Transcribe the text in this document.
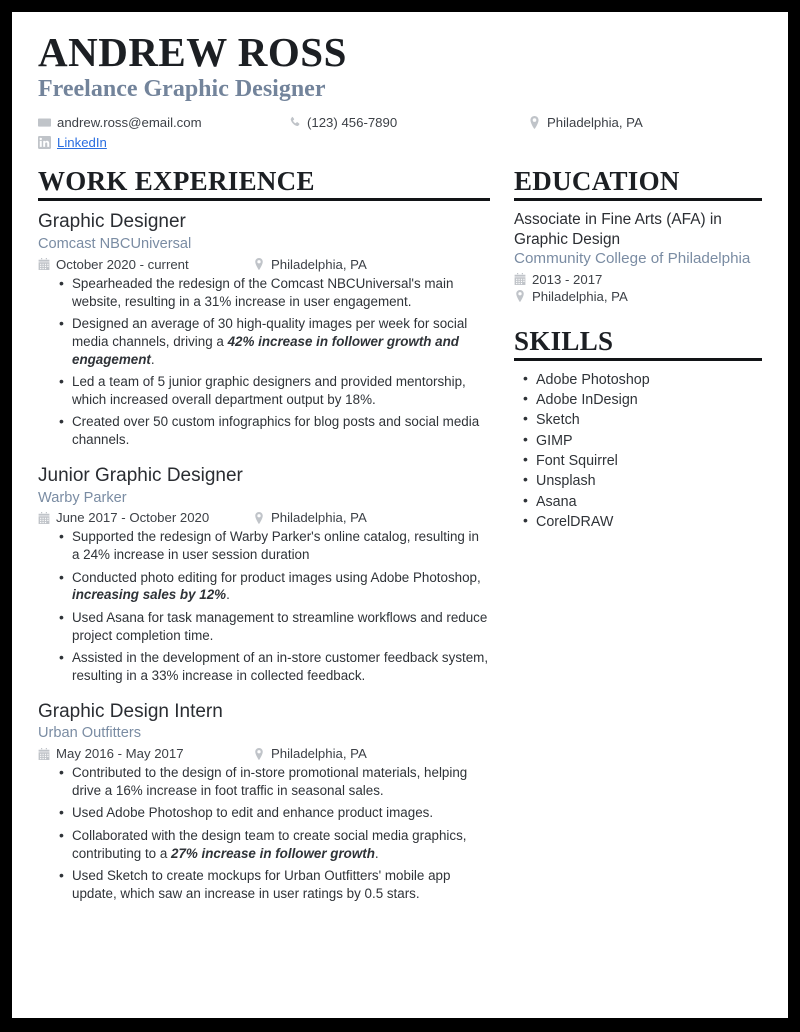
ANDREW ROSS
Freelance Graphic Designer
andrew.ross@email.com	(123) 456-7890	Philadelphia, PA
LinkedIn
WORK EXPERIENCE
Graphic Designer
Comcast NBCUniversal
October 2020 - current	Philadelphia, PA
• Spearheaded the redesign of the Comcast NBCUniversal's main website, resulting in a 31% increase in user engagement.
• Designed an average of 30 high-quality images per week for social media channels, driving a 42% increase in follower growth and engagement.
• Led a team of 5 junior graphic designers and provided mentorship, which increased overall department output by 18%.
• Created over 50 custom infographics for blog posts and social media channels.
Junior Graphic Designer
Warby Parker
June 2017 - October 2020	Philadelphia, PA
• Supported the redesign of Warby Parker's online catalog, resulting in a 24% increase in user session duration
• Conducted photo editing for product images using Adobe Photoshop, increasing sales by 12%.
• Used Asana for task management to streamline workflows and reduce project completion time.
• Assisted in the development of an in-store customer feedback system, resulting in a 33% increase in collected feedback.
Graphic Design Intern
Urban Outfitters
May 2016 - May 2017	Philadelphia, PA
• Contributed to the design of in-store promotional materials, helping drive a 16% increase in foot traffic in seasonal sales.
• Used Adobe Photoshop to edit and enhance product images.
• Collaborated with the design team to create social media graphics, contributing to a 27% increase in follower growth.
• Used Sketch to create mockups for Urban Outfitters' mobile app update, which saw an increase in user ratings by 0.5 stars.
EDUCATION
Associate in Fine Arts (AFA) in Graphic Design
Community College of Philadelphia
2013 - 2017
Philadelphia, PA
SKILLS
• Adobe Photoshop
• Adobe InDesign
• Sketch
• GIMP
• Font Squirrel
• Unsplash
• Asana
• CorelDRAW
